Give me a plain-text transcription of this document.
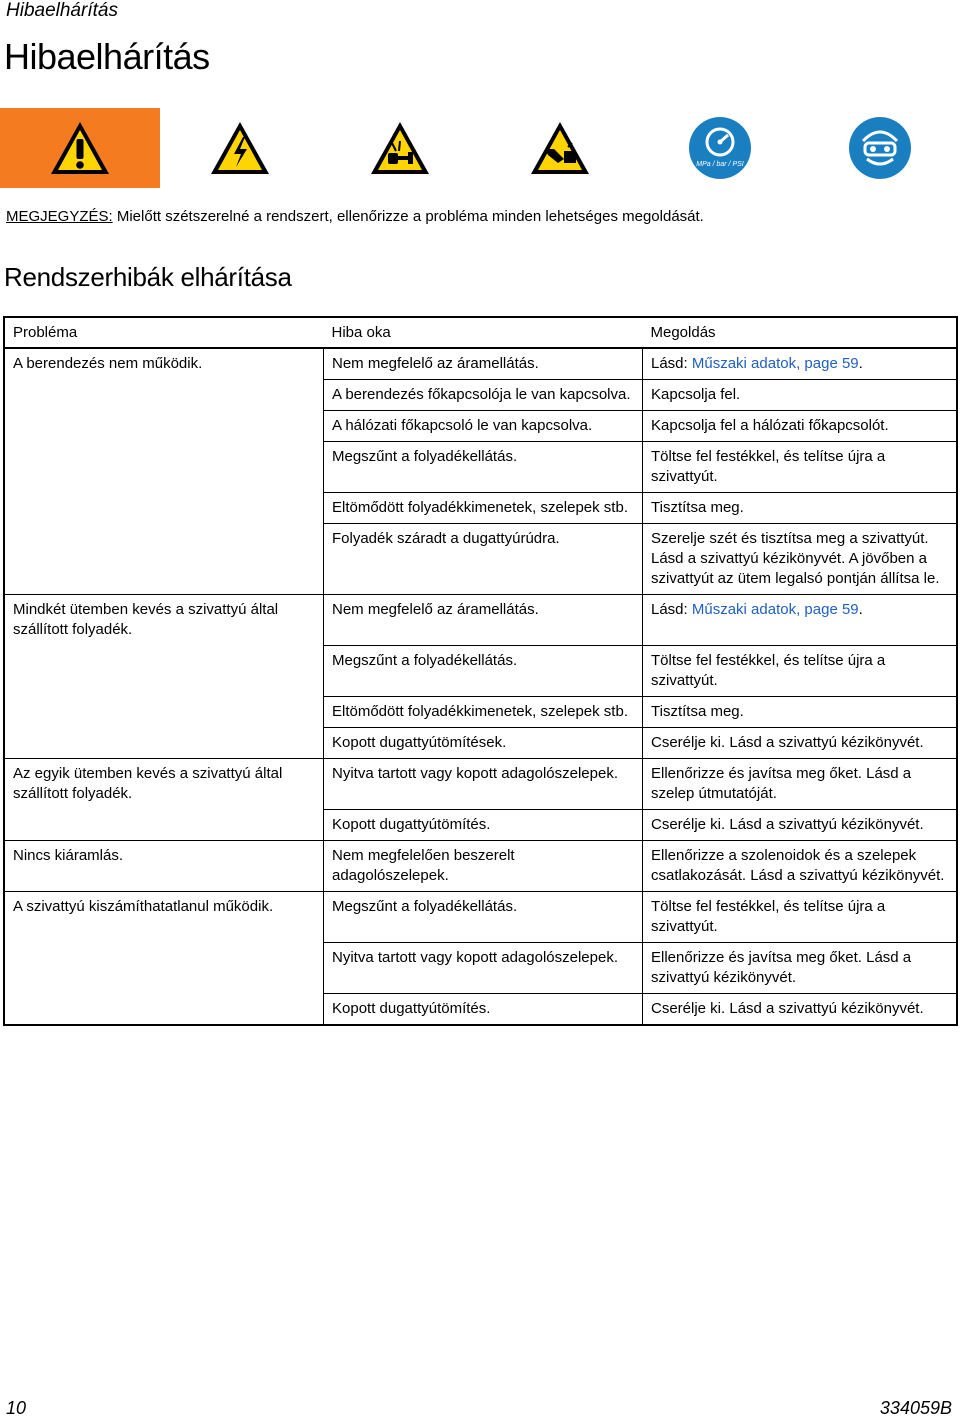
Hibaelhárítás
Hibaelhárítás
MPa / bar / PSI
MEGJEGYZÉS: Mielőtt szétszerelné a rendszert, ellenőrizze a probléma minden lehetséges megoldását.
Rendszerhibák elhárítása
Probléma	Hiba oka	Megoldás
A berendezés nem működik.	Nem megfelelő az áramellátás.	Lásd: Műszaki adatok, page 59.
	A berendezés főkapcsolója le van kapcsolva.	Kapcsolja fel.
	A hálózati főkapcsoló le van kapcsolva.	Kapcsolja fel a hálózati főkapcsolót.
	Megszűnt a folyadékellátás.	Töltse fel festékkel, és telítse újra a szivattyút.
	Eltömődött folyadékkimenetek, szelepek stb.	Tisztítsa meg.
	Folyadék száradt a dugattyúrúdra.	Szerelje szét és tisztítsa meg a szivattyút. Lásd a szivattyú kézikönyvét. A jövőben a szivattyút az ütem legalsó pontján állítsa le.
Mindkét ütemben kevés a szivattyú által szállított folyadék.	Nem megfelelő az áramellátás.	Lásd: Műszaki adatok, page 59.
	Megszűnt a folyadékellátás.	Töltse fel festékkel, és telítse újra a szivattyút.
	Eltömődött folyadékkimenetek, szelepek stb.	Tisztítsa meg.
	Kopott dugattyútömítések.	Cserélje ki. Lásd a szivattyú kézikönyvét.
Az egyik ütemben kevés a szivattyú által szállított folyadék.	Nyitva tartott vagy kopott adagolószelepek.	Ellenőrizze és javítsa meg őket. Lásd a szelep útmutatóját.
	Kopott dugattyútömítés.	Cserélje ki. Lásd a szivattyú kézikönyvét.
Nincs kiáramlás.	Nem megfelelően beszerelt adagolószelepek.	Ellenőrizze a szolenoidok és a szelepek csatlakozását. Lásd a szivattyú kézikönyvét.
A szivattyú kiszámíthatatlanul működik.	Megszűnt a folyadékellátás.	Töltse fel festékkel, és telítse újra a szivattyút.
	Nyitva tartott vagy kopott adagolószelepek.	Ellenőrizze és javítsa meg őket. Lásd a szivattyú kézikönyvét.
	Kopott dugattyútömítés.	Cserélje ki. Lásd a szivattyú kézikönyvét.
10	334059B
